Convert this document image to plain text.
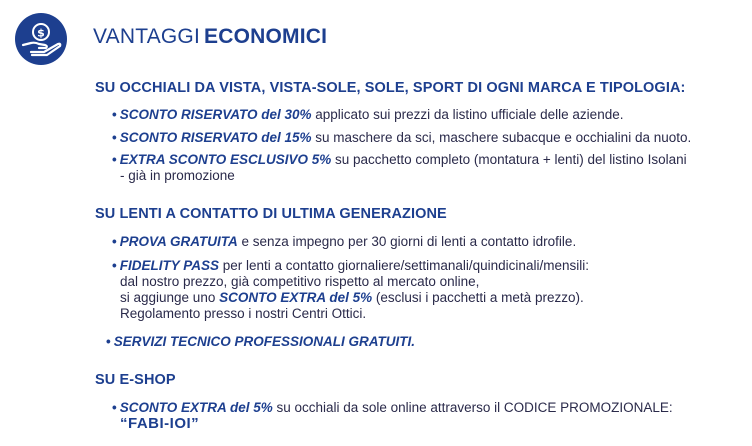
$ VANTAGGI ECONOMICI
SU OCCHIALI DA VISTA, VISTA-SOLE, SOLE, SPORT DI OGNI MARCA E TIPOLOGIA:
• SCONTO RISERVATO del 30% applicato sui prezzi da listino ufficiale delle aziende.
• SCONTO RISERVATO del 15% su maschere da sci, maschere subacque e occhialini da nuoto.
• EXTRA SCONTO ESCLUSIVO 5% su pacchetto completo (montatura + lenti) del listino Isolani
- già in promozione
SU LENTI A CONTATTO DI ULTIMA GENERAZIONE
• PROVA GRATUITA e senza impegno per 30 giorni di lenti a contatto idrofile.
• FIDELITY PASS per lenti a contatto giornaliere/settimanali/quindicinali/mensili:
dal nostro prezzo, già competitivo rispetto al mercato online,
si aggiunge uno SCONTO EXTRA del 5% (esclusi i pacchetti a metà prezzo).
Regolamento presso i nostri Centri Ottici.
• SERVIZI TECNICO PROFESSIONALI GRATUITI.
SU E-SHOP
• SCONTO EXTRA del 5% su occhiali da sole online attraverso il CODICE PROMOZIONALE:
“FABI-IOI”
